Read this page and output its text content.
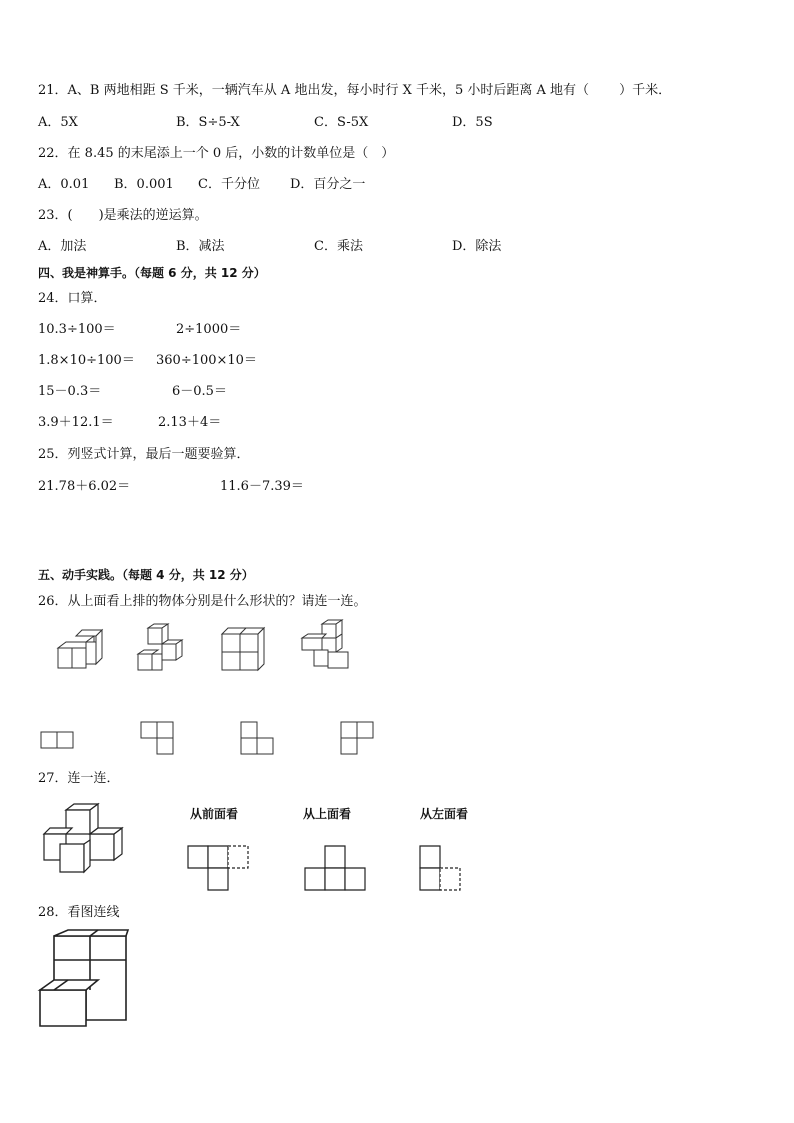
21．A、B 两地相距 S 千米，一辆汽车从 A 地出发，每小时行 X 千米，5 小时后距离 A 地有（　　 ）千米．
A．5X	B．S÷5-X	C．S-5X	D．5S
22．在 8.45 的末尾添上一个 0 后，小数的计数单位是（　）
A．0.01 B．0.001 C．千分位 D．百分之一
23．(　　)是乘法的逆运算。
A．加法	B．减法	C．乘法	D．除法
四、我是神算手。（每题 6 分，共 12 分）
24．口算．
10.3÷100＝	2÷1000＝
1.8×10÷100＝ 360÷100×10＝
15－0.3＝	6－0.5＝
3.9＋12.1＝	2.13＋4＝
25．列竖式计算，最后一题要验算．
21.78＋6.02＝	11.6－7.39＝
五、动手实践。（每题 4 分，共 12 分）
26．从上面看上排的物体分别是什么形状的？请连一连。
27．连一连．
从前面看	从上面看	从左面看
28．看图连线
